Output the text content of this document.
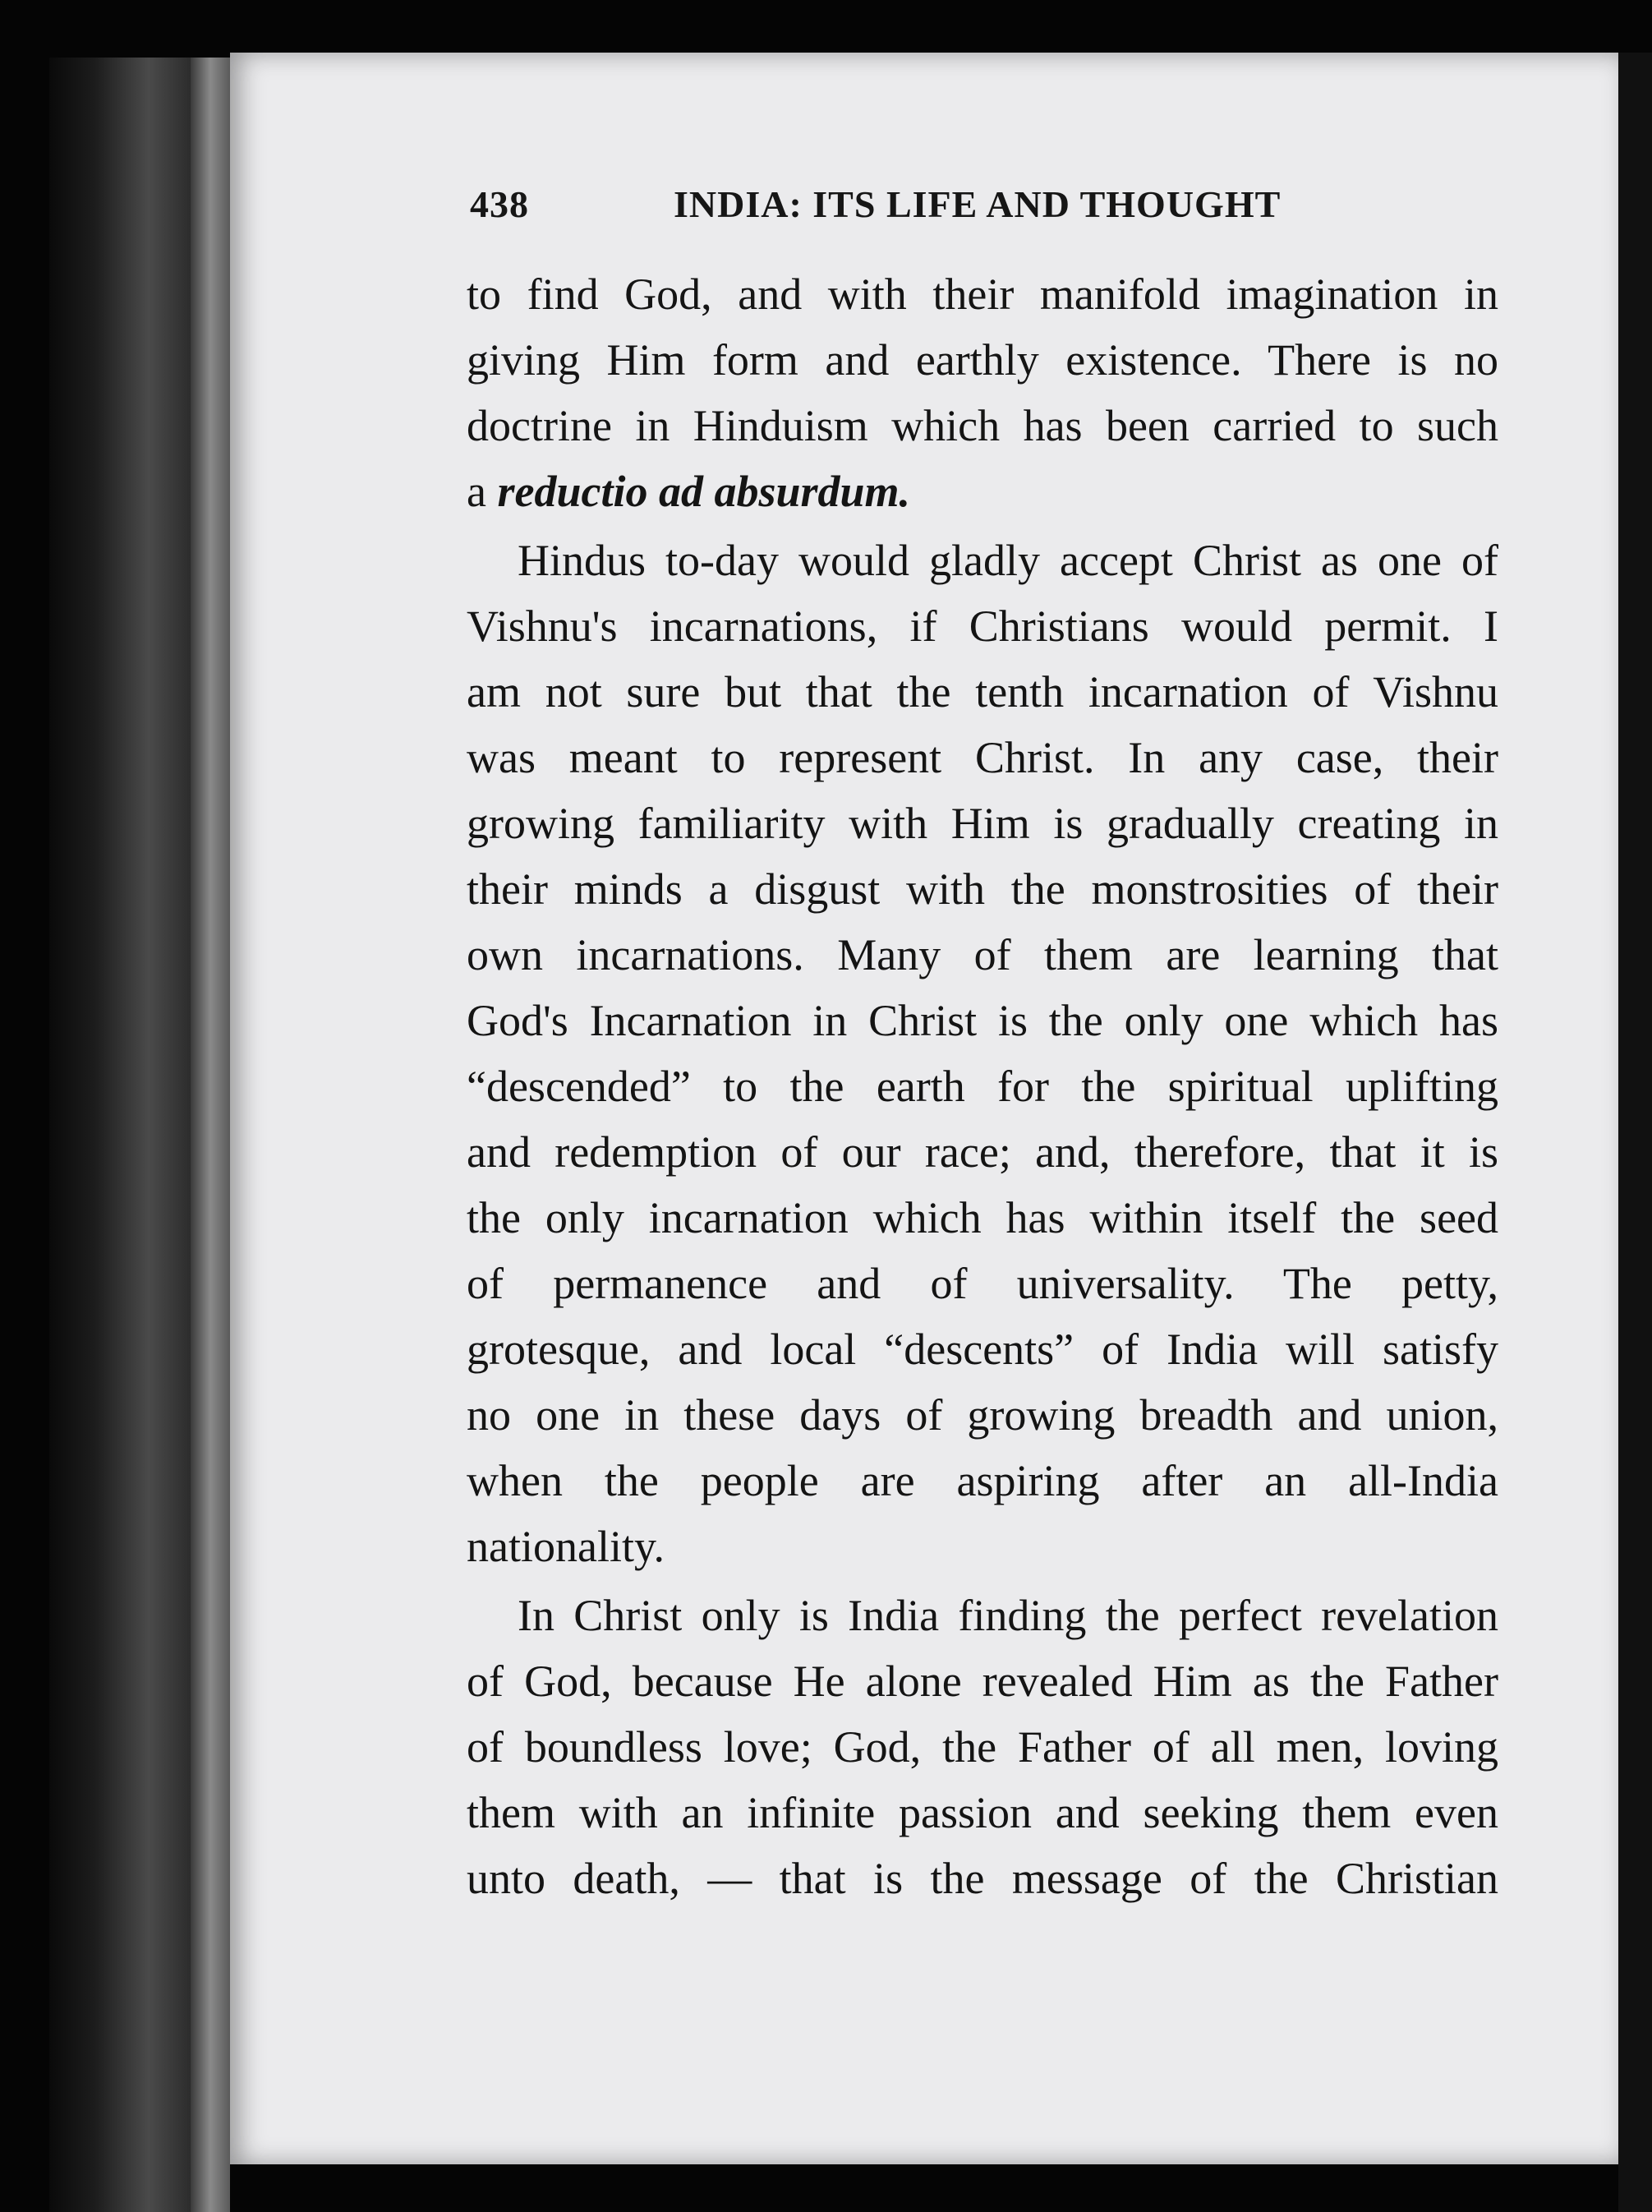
438	INDIA: ITS LIFE AND THOUGHT
to find God, and with their manifold imagination in
giving Him form and earthly existence. There is no
doctrine in Hinduism which has been carried to such
a reductio ad absurdum.
Hindus to-day would gladly accept Christ as one of
Vishnu's incarnations, if Christians would permit. I
am not sure but that the tenth incarnation of Vishnu
was meant to represent Christ. In any case, their
growing familiarity with Him is gradually creating in
their minds a disgust with the monstrosities of their
own incarnations. Many of them are learning that
God's Incarnation in Christ is the only one which has
“descended” to the earth for the spiritual uplifting
and redemption of our race; and, therefore, that it is
the only incarnation which has within itself the seed
of permanence and of universality. The petty,
grotesque, and local “descents” of India will satisfy
no one in these days of growing breadth and union,
when the people are aspiring after an all-India
nationality.
In Christ only is India finding the perfect revelation
of God, because He alone revealed Him as the Father
of boundless love; God, the Father of all men, loving
them with an infinite passion and seeking them even
unto death, — that is the message of the Christian
